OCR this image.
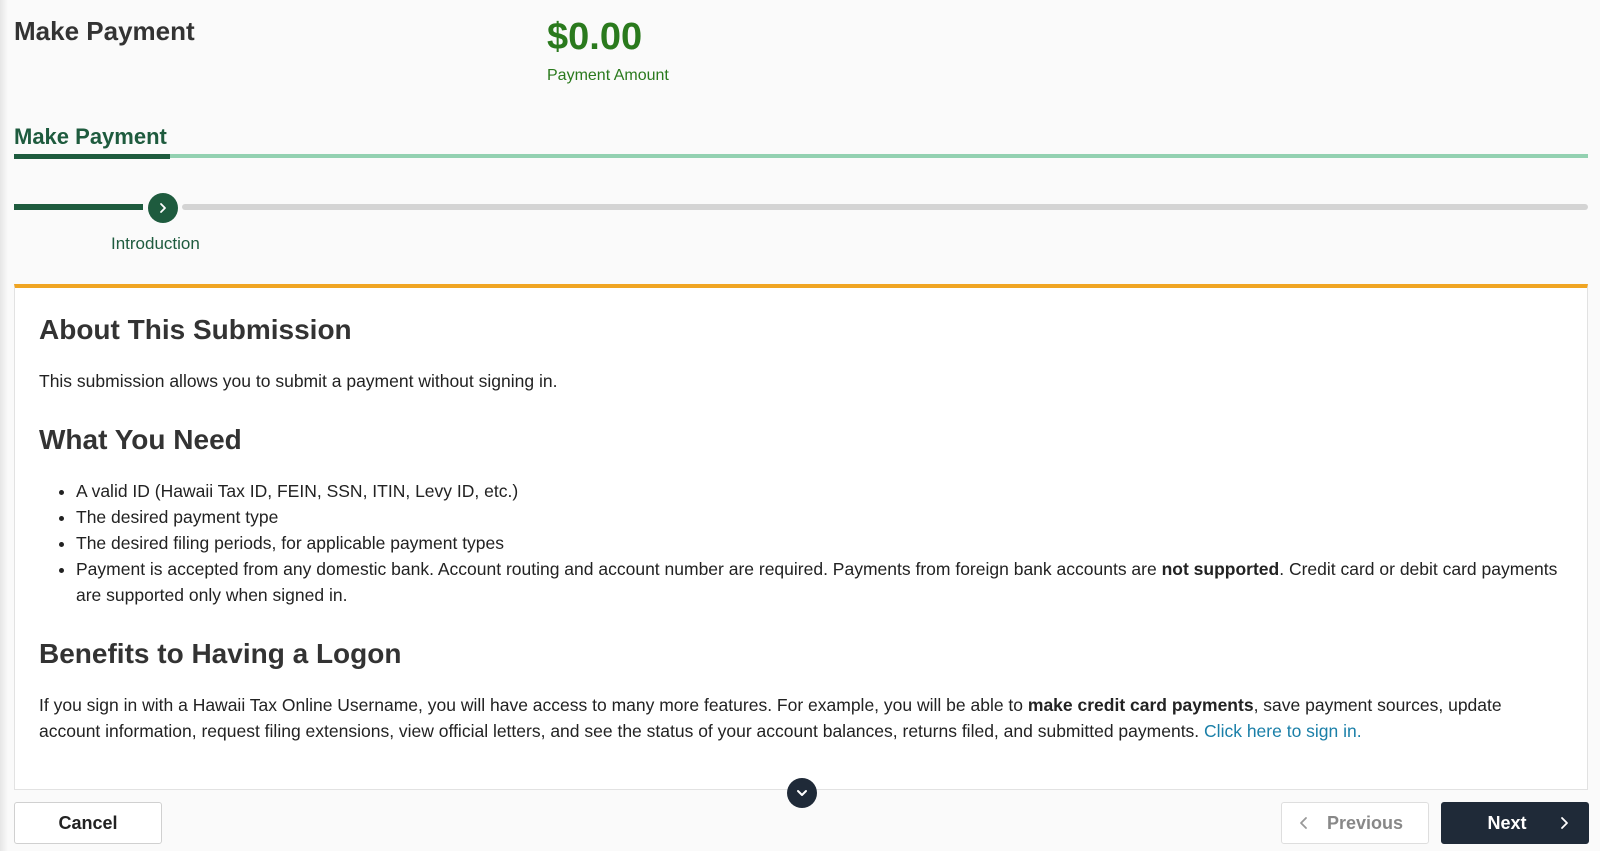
Make Payment	$0.00
Payment Amount
Make Payment
Introduction
About This Submission

This submission allows you to submit a payment without signing in.

What You Need
• A valid ID (Hawaii Tax ID, FEIN, SSN, ITIN, Levy ID, etc.)
• The desired payment type
• The desired filing periods, for applicable payment types
• Payment is accepted from any domestic bank. Account routing and account number are required. Payments from foreign bank accounts are not supported. Credit card or debit card payments are supported only when signed in.
Benefits to Having a Logon

If you sign in with a Hawaii Tax Online Username, you will have access to many more features. For example, you will be able to make credit card payments, save payment sources, update account information, request filing extensions, view official letters, and see the status of your account balances, returns filed, and submitted payments. Click here to sign in.

Cancel	Previous	Next
